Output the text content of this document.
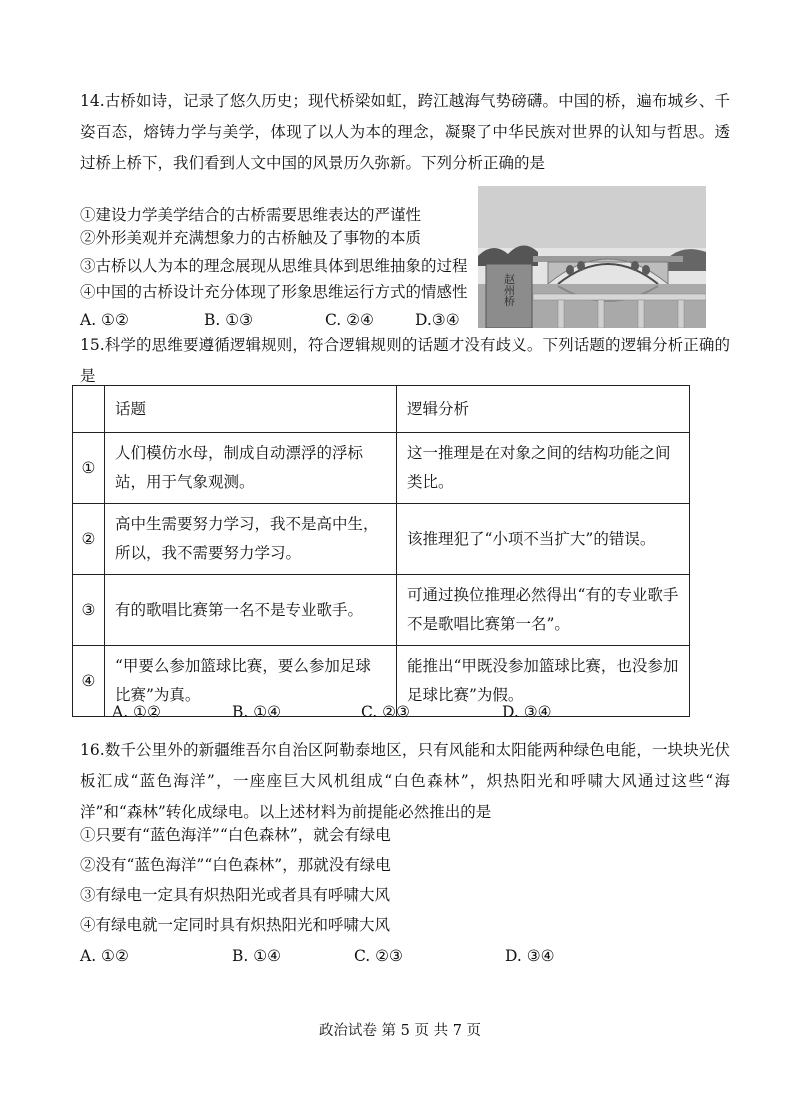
14.古桥如诗，记录了悠久历史；现代桥梁如虹，跨江越海气势磅礴。中国的桥，遍布城乡、千姿百态，熔铸力学与美学，体现了以人为本的理念，凝聚了中华民族对世界的认知与哲思。透过桥上桥下，我们看到人文中国的风景历久弥新。下列分析正确的是
①建设力学美学结合的古桥需要思维表达的严谨性
②外形美观并充满想象力的古桥触及了事物的本质
③古桥以人为本的理念展现从思维具体到思维抽象的过程
④中国的古桥设计充分体现了形象思维运行方式的情感性
A. ①②	B. ①③	C. ②④	D.③④
赵州桥
15.科学的思维要遵循逻辑规则，符合逻辑规则的话题才没有歧义。下列话题的逻辑分析正确的是
	话题	逻辑分析
①	人们模仿水母，制成自动漂浮的浮标站，用于气象观测。	这一推理是在对象之间的结构功能之间类比。
②	高中生需要努力学习，我不是高中生，所以，我不需要努力学习。	该推理犯了“小项不当扩大”的错误。
③	有的歌唱比赛第一名不是专业歌手。	可通过换位推理必然得出“有的专业歌手不是歌唱比赛第一名”。
④	“甲要么参加篮球比赛，要么参加足球比赛”为真。	能推出“甲既没参加篮球比赛，也没参加足球比赛”为假。
A. ①②	B. ①④	C. ②③	D. ③④
16.数千公里外的新疆维吾尔自治区阿勒泰地区，只有风能和太阳能两种绿色电能，一块块光伏板汇成“蓝色海洋”，一座座巨大风机组成“白色森林”，炽热阳光和呼啸大风通过这些“海洋”和“森林”转化成绿电。以上述材料为前提能必然推出的是
①只要有“蓝色海洋”“白色森林”，就会有绿电
②没有“蓝色海洋”“白色森林”，那就没有绿电
③有绿电一定具有炽热阳光或者具有呼啸大风
④有绿电就一定同时具有炽热阳光和呼啸大风
A. ①②	B. ①④	C. ②③	D. ③④
政治试卷 第 5 页 共 7 页
